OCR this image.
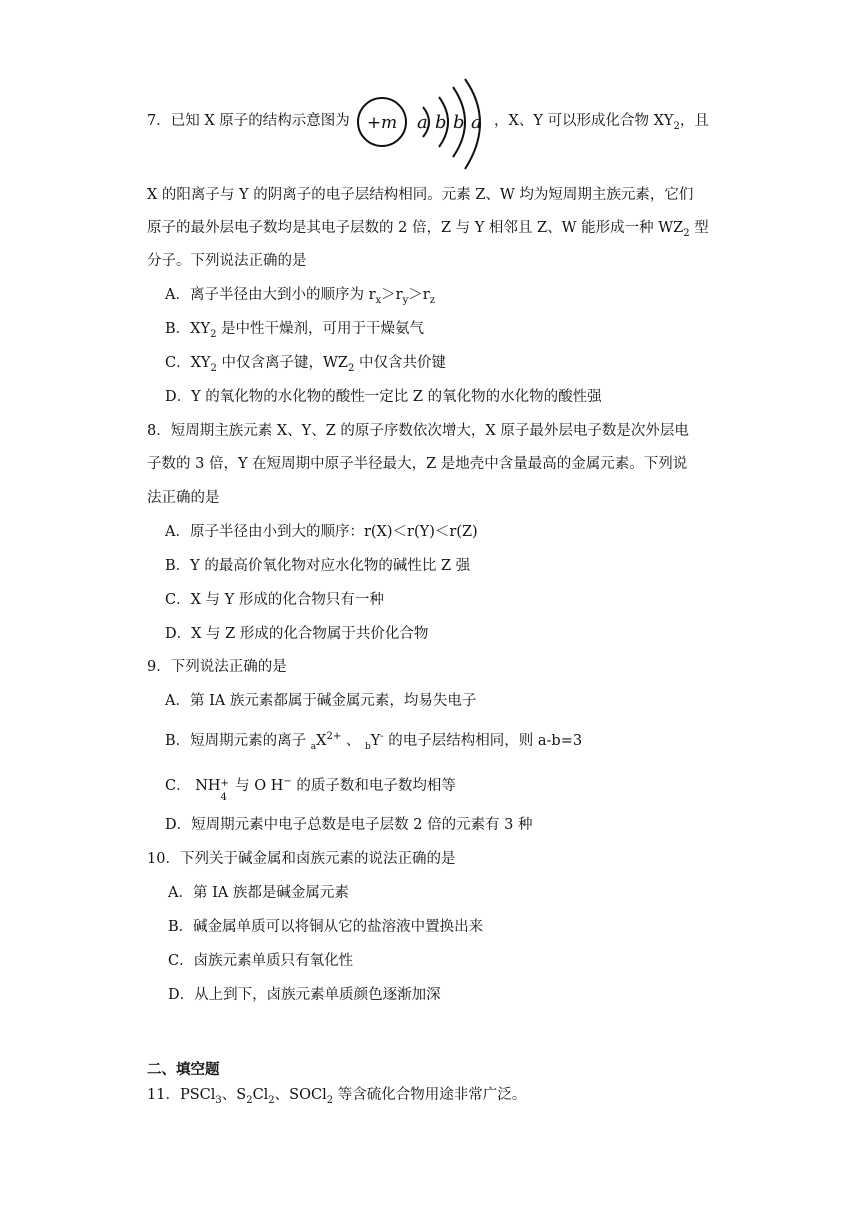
7．已知 X 原子的结构示意图为 +m a b b a ，X、Y 可以形成化合物 $XY_2$，且
X 的阳离子与 Y 的阴离子的电子层结构相同。元素 Z、W 均为短周期主族元素，它们
原子的最外层电子数均是其电子层数的 2 倍，Z 与 Y 相邻且 Z、W 能形成一种 $WZ_2$ 型
分子。下列说法正确的是
A．离子半径由大到小的顺序为 $r_x>r_y>r_z$
B．$XY_2$ 是中性干燥剂，可用于干燥氨气
C．$XY_2$ 中仅含离子键，$WZ_2$ 中仅含共价键
D．Y 的氧化物的水化物的酸性一定比 Z 的氧化物的水化物的酸性强
8．短周期主族元素 X、Y、Z 的原子序数依次增大，X 原子最外层电子数是次外层电
子数的 3 倍，Y 在短周期中原子半径最大，Z 是地壳中含量最高的金属元素。下列说
法正确的是
A．原子半径由小到大的顺序：r(X)＜r(Y)＜r(Z)
B．Y 的最高价氧化物对应水化物的碱性比 Z 强
C．X 与 Y 形成的化合物只有一种
D．X 与 Z 形成的化合物属于共价化合物
9．下列说法正确的是
A．第 IA 族元素都属于碱金属元素，均易失电子
B．短周期元素的离子 $_aX^{2+}$ 、 $_b$Y- 的电子层结构相同，则 a-b=3
C． NH +
4
与 O H− 的质子数和电子数均相等
D．短周期元素中电子总数是电子层数 2 倍的元素有 3 种
10．下列关于碱金属和卤族元素的说法正确的是
A．第 IA 族都是碱金属元素
B．碱金属单质可以将铜从它的盐溶液中置换出来
C．卤族元素单质只有氧化性
D．从上到下，卤族元素单质颜色逐渐加深
二、填空题
11．PSCl$_3$、$S_2Cl_2$、SOCl$_2$ 等含硫化合物用途非常广泛。
